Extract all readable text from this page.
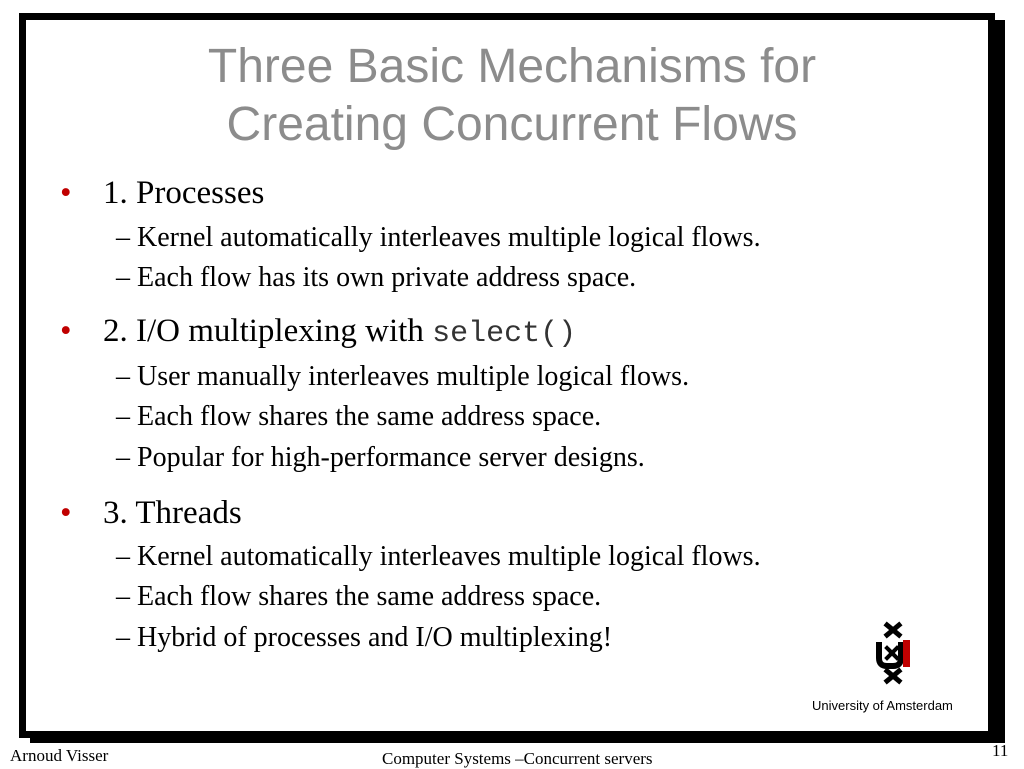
Three Basic Mechanisms for
Creating Concurrent Flows
• 1. Processes
– Kernel automatically interleaves multiple logical flows.
– Each flow has its own private address space.
• 2. I/O multiplexing with select()
– User manually interleaves multiple logical flows.
– Each flow shares the same address space.
– Popular for high-performance server designs.
• 3. Threads
– Kernel automatically interleaves multiple logical flows.
– Each flow shares the same address space.
– Hybrid of processes and I/O multiplexing!
University of Amsterdam
Arnoud Visser	Computer Systems –Concurrent servers	11
